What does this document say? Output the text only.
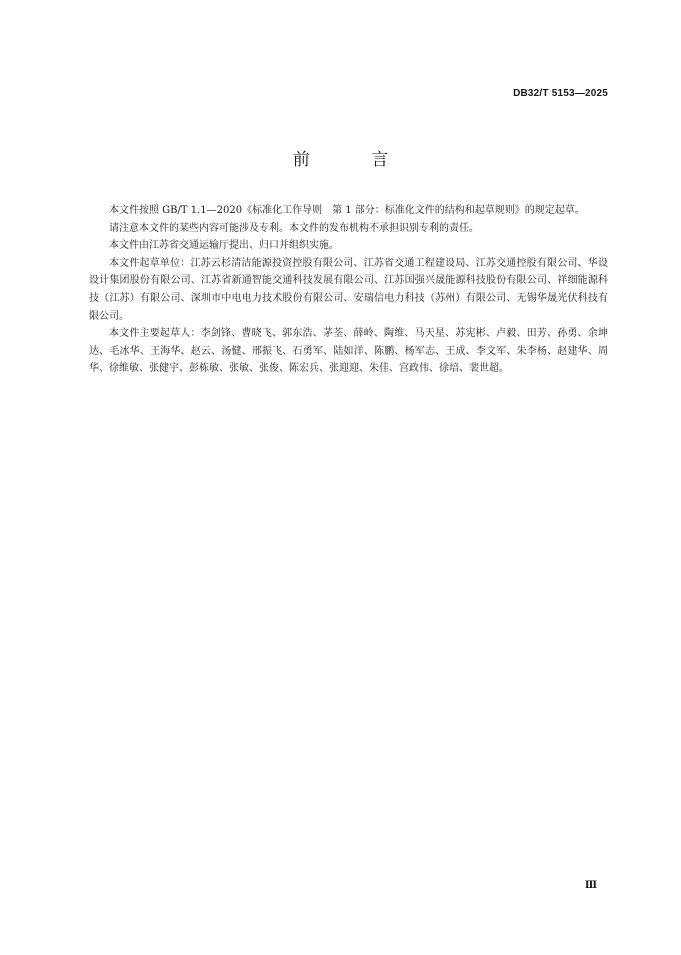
DB32/T 5153—2025
前 言

本文件按照 GB/T 1.1—2020《标准化工作导则　第 1 部分：标准化文件的结构和起草规则》的规定起草。

请注意本文件的某些内容可能涉及专利。本文件的发布机构不承担识别专利的责任。

本文件由江苏省交通运输厅提出、归口并组织实施。

本文件起草单位：江苏云杉清洁能源投资控股有限公司、江苏省交通工程建设局、江苏交通控股有限公司、华设设计集团股份有限公司、江苏省新通智能交通科技发展有限公司、江苏国强兴晟能源科技股份有限公司、祥细能源科技（江苏）有限公司、深圳市中电电力技术股份有限公司、安瑞信电力科技（苏州）有限公司、无锡华晟光伏科技有限公司。

本文件主要起草人：李剑锋、曹晓飞、郭东浩、茅荃、薛岭、陶维、马天星、苏宪彬、卢毅、田芳、孙勇、余坤达、毛冰华、王海华、赵云、汤健、邢振飞、石勇军、陆如洋、陈鹏、杨军志、王成、李文军、朱李杨、赵建华、周华、徐维敏、张健宇、彭栋敏、张敏、张俊、陈宏兵、张迎迎、朱佳、宫政伟、徐培、裴世超。

Ⅲ
